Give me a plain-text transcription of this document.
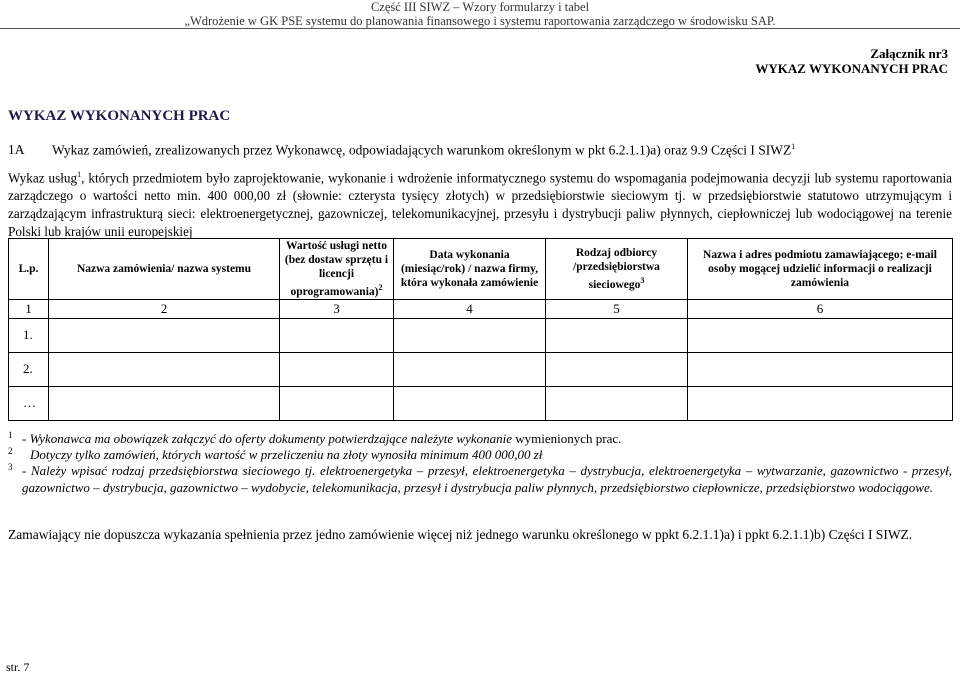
Część III SIWZ – Wzory formularzy i tabel
„Wdrożenie w GK PSE systemu do planowania finansowego i systemu raportowania zarządczego w środowisku SAP.
Załącznik nr3
WYKAZ WYKONANYCH PRAC
WYKAZ WYKONANYCH PRAC
1A Wykaz zamówień, zrealizowanych przez Wykonawcę, odpowiadających warunkom określonym w pkt 6.2.1.1)a) oraz 9.9 Części I SIWZ$^1$
Wykaz usług$^1$, których przedmiotem było zaprojektowanie, wykonanie i wdrożenie informatycznego systemu do wspomagania podejmowania decyzji lub systemu raportowania zarządczego o wartości netto min. 400 000,00 zł (słownie: czterysta tysięcy złotych) w przedsiębiorstwie sieciowym tj. w przedsiębiorstwie statutowo utrzymującym i zarządzającym infrastrukturą sieci: elektroenergetycznej, gazowniczej, telekomunikacyjnej, przesyłu i dystrybucji paliw płynnych, ciepłowniczej lub wodociągowej na terenie Polski lub krajów unii europejskiej
L.p.	Nazwa zamówienia/ nazwa systemu	Wartość usługi netto (bez dostaw sprzętu i licencji oprogramowania)$^2$	Data wykonania (miesiąc/rok) / nazwa firmy, która wykonała zamówienie	Rodzaj odbiorcy /przedsiębiorstwa sieciowego$^3$	Nazwa i adres podmiotu zamawiającego; e-mail osoby mogącej udzielić informacji o realizacji zamówienia
1	2	3	4	5	6
1.					
2.					
…					
1 - Wykonawca ma obowiązek załączyć do oferty dokumenty potwierdzające należyte wykonanie wymienionych prac.
2 Dotyczy tylko zamówień, których wartość w przeliczeniu na złoty wynosiła minimum 400 000,00 zł
3 - Należy wpisać rodzaj przedsiębiorstwa sieciowego tj. elektroenergetyka – przesył, elektroenergetyka – dystrybucja, elektroenergetyka – wytwarzanie, gazownictwo - przesył, gazownictwo – dystrybucja, gazownictwo – wydobycie, telekomunikacja, przesył i dystrybucja paliw płynnych, przedsiębiorstwo ciepłownicze, przedsiębiorstwo wodociągowe.
Zamawiający nie dopuszcza wykazania spełnienia przez jedno zamówienie więcej niż jednego warunku określonego w ppkt 6.2.1.1)a) i ppkt 6.2.1.1)b) Części I SIWZ.
str. 7
